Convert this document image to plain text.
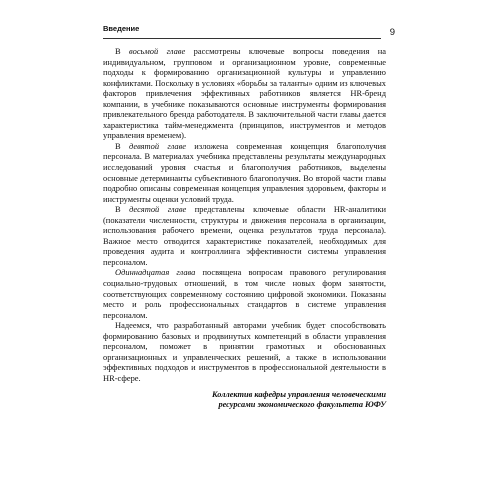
Введение	9

В восьмой главе рассмотрены ключевые вопросы поведения на индивидуальном, групповом и организационном уровне, современные подходы к формированию организационной культуры и управлению конфликтами. Поскольку в условиях «борьбы за таланты» одним из ключевых факторов привлечения эффективных работников является HR-бренд компании, в учебнике показываются основные инструменты формирования привлекательного бренда работодателя. В заключительной части главы дается характеристика тайм-менеджмента (принципов, инструментов и методов управления временем).

В девятой главе изложена современная концепция благополучия персонала. В материалах учебника представлены результаты международных исследований уровня счастья и благополучия работников, выделены основные детерминанты субъективного благополучия. Во второй части главы подробно описаны современная концепция управления здоровьем, факторы и инструменты оценки условий труда.

В десятой главе представлены ключевые области HR-аналитики (показатели численности, структуры и движения персонала в организации, использования рабочего времени, оценка результатов труда персонала). Важное место отводится характеристике показателей, необходимых для проведения аудита и контроллинга эффективности системы управления персоналом.

Одиннадцатая глава посвящена вопросам правового регулирования социально-трудовых отношений, в том числе новых форм занятости, соответствующих современному состоянию цифровой экономики. Показаны место и роль профессиональных стандартов в системе управления персоналом.

Надеемся, что разработанный авторами учебник будет способствовать формированию базовых и продвинутых компетенций в области управления персоналом, поможет в принятии грамотных и обоснованных организационных и управленческих решений, а также в использовании эффективных подходов и инструментов в профессиональной деятельности в HR-сфере.

Коллектив кафедры управления человеческими
ресурсами экономического факультета ЮФУ
